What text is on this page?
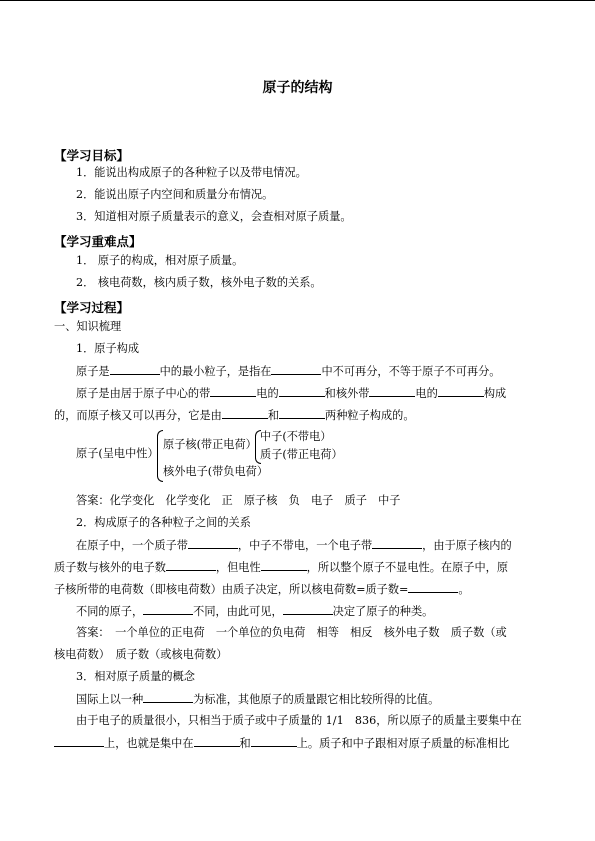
原子的结构
【学习目标】
1．能说出构成原子的各种粒子以及带电情况。
2．能说出原子内空间和质量分布情况。
3．知道相对原子质量表示的意义，会查相对原子质量。
【学习重难点】
1． 原子的构成，相对原子质量。
2． 核电荷数，核内质子数，核外电子数的关系。
【学习过程】
一、知识梳理
1．原子构成
原子是	中的最小粒子，是指在	中不可再分，不等于原子不可再分。
原子是由居于原子中心的带	电的	和核外带	电的	构成
的，而原子核又可以再分，它是由	和	两种粒子构成的。
原子(呈电中性）
原子核(带正电荷）
核外电子(带负电荷）
中子(不带电）
质子(带正电荷）
答案：化学变化　化学变化　正　原子核　负　电子　质子　中子
2．构成原子的各种粒子之间的关系
在原子中，一个质子带	，中子不带电，一个电子带	，由于原子核内的
质子数与核外的电子数	，但电性	，所以整个原子不显电性。在原子中，原
子核所带的电荷数（即核电荷数）由质子决定，所以核电荷数=质子数=	。
不同的原子，	不同，由此可见，	决定了原子的种类。
答案：　一个单位的正电荷　一个单位的负电荷　相等　相反　核外电子数　质子数（或
核电荷数）　质子数（或核电荷数）
3．相对原子质量的概念
国际上以一种	为标准，其他原子的质量跟它相比较所得的比值。
由于电子的质量很小，只相当于质子或中子质量的 1/1　836，所以原子的质量主要集中在
上，也就是集中在	和	上。质子和中子跟相对原子质量的标准相比
